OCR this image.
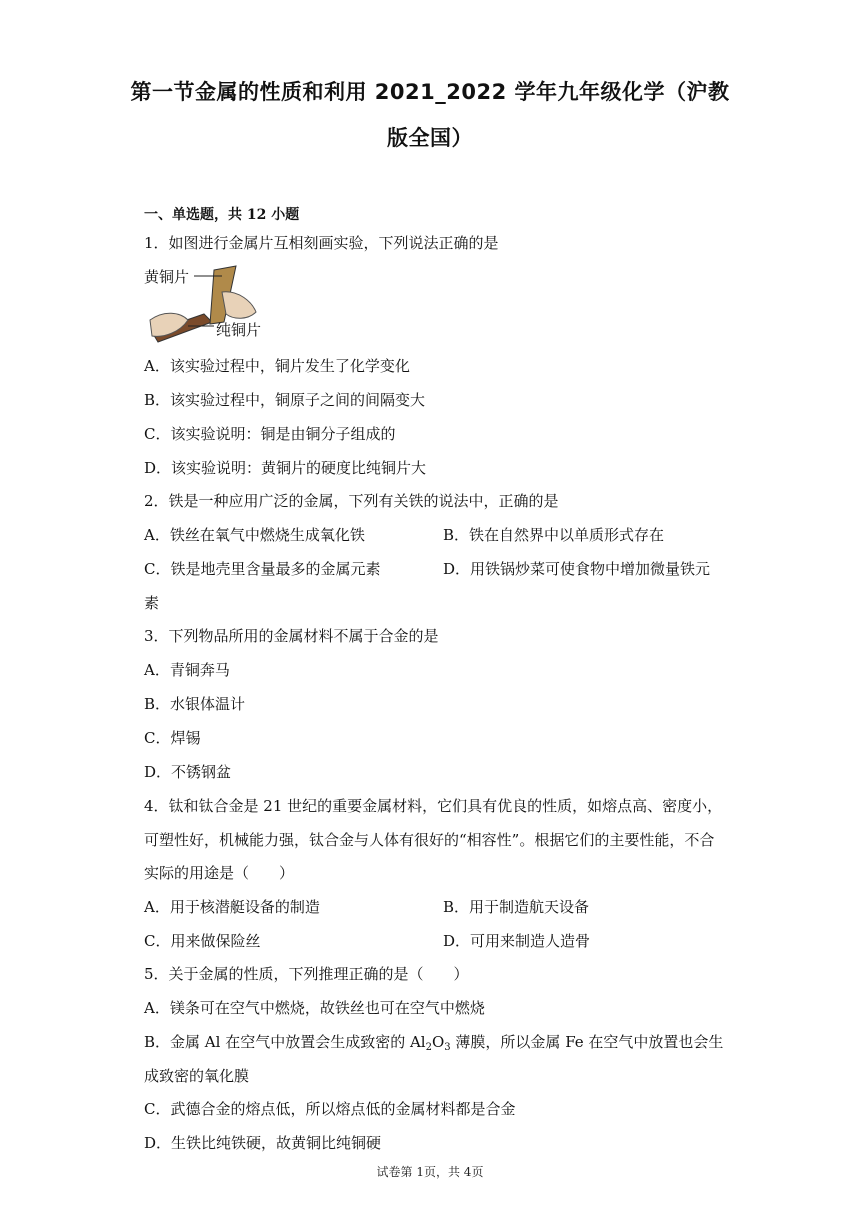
第一节金属的性质和利用 2021_2022 学年九年级化学（沪教
版全国）
一、单选题，共 12 小题
1．如图进行金属片互相刻画实验，下列说法正确的是
黄铜片
纯铜片
A．该实验过程中，铜片发生了化学变化
B．该实验过程中，铜原子之间的间隔变大
C．该实验说明：铜是由铜分子组成的
D．该实验说明：黄铜片的硬度比纯铜片大
2．铁是一种应用广泛的金属，下列有关铁的说法中，正确的是
A．铁丝在氧气中燃烧生成氧化铁	B．铁在自然界中以单质形式存在
C．铁是地壳里含量最多的金属元素	D．用铁锅炒菜可使食物中增加微量铁元
素
3．下列物品所用的金属材料不属于合金的是
A．青铜奔马
B．水银体温计
C．焊锡
D．不锈钢盆
4．钛和钛合金是 21 世纪的重要金属材料，它们具有优良的性质，如熔点高、密度小，
可塑性好，机械能力强，钛合金与人体有很好的“相容性”。根据它们的主要性能，不合
实际的用途是（　　）
A．用于核潜艇设备的制造	B．用于制造航天设备
C．用来做保险丝	D．可用来制造人造骨
5．关于金属的性质，下列推理正确的是（　　）
A．镁条可在空气中燃烧，故铁丝也可在空气中燃烧
B．金属 Al 在空气中放置会生成致密的 $Al_2O_3$ 薄膜，所以金属 Fe 在空气中放置也会生
成致密的氧化膜
C．武德合金的熔点低，所以熔点低的金属材料都是合金
D．生铁比纯铁硬，故黄铜比纯铜硬
试卷第 1页，共 4页
